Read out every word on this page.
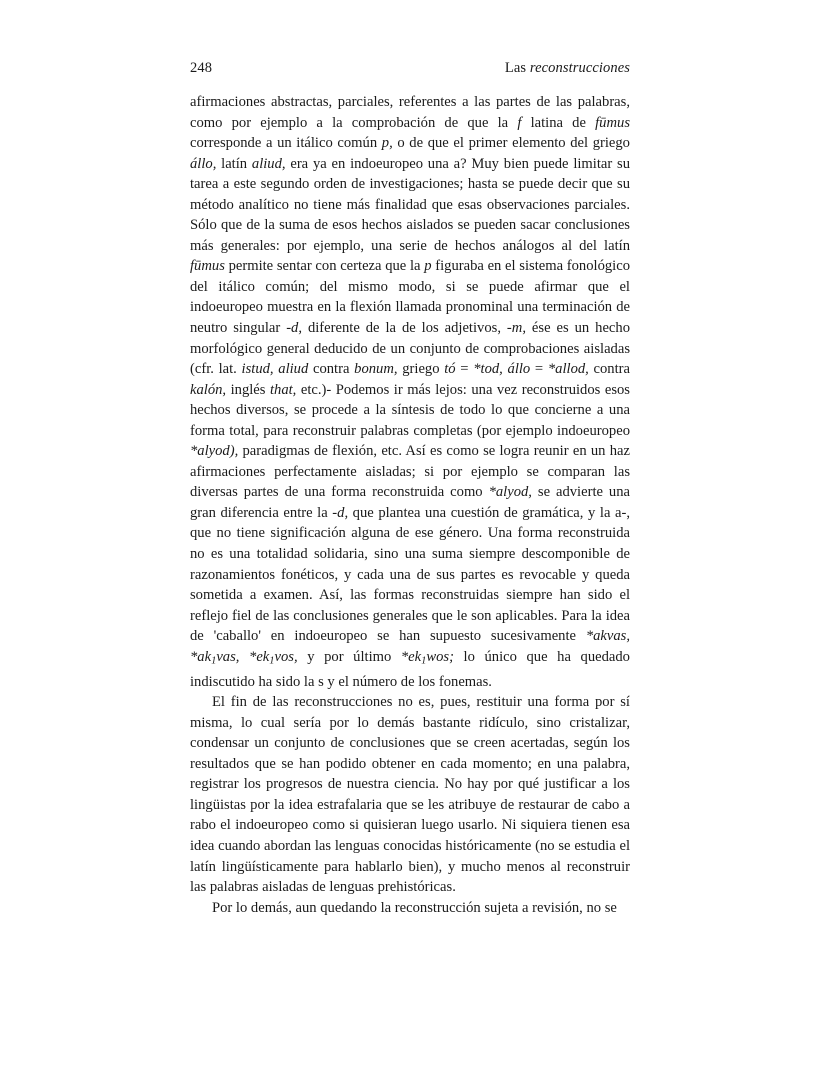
248	Las reconstrucciones

afirmaciones abstractas, parciales, referentes a las partes de las palabras, como por ejemplo a la comprobación de que la f latina de fūmus corresponde a un itálico común p, o de que el primer elemento del griego állo, latín aliud, era ya en indoeuropeo una a? Muy bien puede limitar su tarea a este segundo orden de investigaciones; hasta se puede decir que su método analítico no tiene más finalidad que esas observaciones parciales. Sólo que de la suma de esos hechos aislados se pueden sacar conclusiones más generales: por ejemplo, una serie de hechos análogos al del latín fūmus permite sentar con certeza que la p figuraba en el sistema fonológico del itálico común; del mismo modo, si se puede afirmar que el indoeuropeo muestra en la flexión llamada pronominal una terminación de neutro singular -d, diferente de la de los adjetivos, -m, ése es un hecho morfológico general deducido de un conjunto de comprobaciones aisladas (cfr. lat. istud, aliud contra bonum, griego tó = *tod, állo = *allod, contra kalón, inglés that, etc.)- Podemos ir más lejos: una vez reconstruidos esos hechos diversos, se procede a la síntesis de todo lo que concierne a una forma total, para reconstruir palabras completas (por ejemplo indoeuropeo *alyod), paradigmas de flexión, etc. Así es como se logra reunir en un haz afirmaciones perfectamente aisladas; si por ejemplo se comparan las diversas partes de una forma reconstruida como *alyod, se advierte una gran diferencia entre la -d, que plantea una cuestión de gramática, y la a-, que no tiene significación alguna de ese género. Una forma reconstruida no es una totalidad solidaria, sino una suma siempre descomponible de razonamientos fonéticos, y cada una de sus partes es revocable y queda sometida a examen. Así, las formas reconstruidas siempre han sido el reflejo fiel de las conclusiones generales que le son aplicables. Para la idea de 'caballo' en indoeuropeo se han supuesto sucesivamente *akvas, $*ak_1vas$, $*ek_1vos$, y por último $*ek_1wos$; lo único que ha quedado indiscutido ha sido la s y el número de los fonemas.

El fin de las reconstrucciones no es, pues, restituir una forma por sí misma, lo cual sería por lo demás bastante ridículo, sino cristalizar, condensar un conjunto de conclusiones que se creen acertadas, según los resultados que se han podido obtener en cada momento; en una palabra, registrar los progresos de nuestra ciencia. No hay por qué justificar a los lingüistas por la idea estrafalaria que se les atribuye de restaurar de cabo a rabo el indoeuropeo como si quisieran luego usarlo. Ni siquiera tienen esa idea cuando abordan las lenguas conocidas históricamente (no se estudia el latín lingüísticamente para hablarlo bien), y mucho menos al reconstruir las palabras aisladas de lenguas prehistóricas.

Por lo demás, aun quedando la reconstrucción sujeta a revisión, no se
